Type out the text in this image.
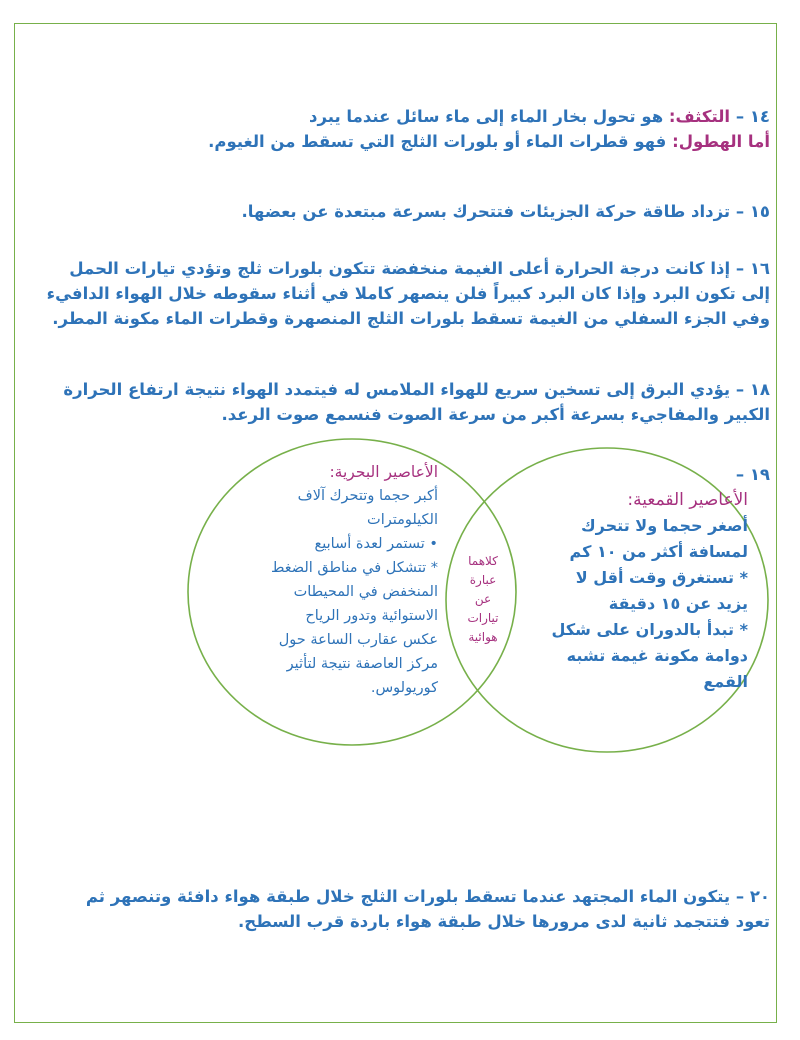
١٤ – التكثف: هو تحول بخار الماء إلى ماء سائل عندما يبرد

أما الهطول: فهو قطرات الماء أو بلورات الثلج التي تسقط من الغيوم.

١٥ – تزداد طاقة حركة الجزيئات فتتحرك بسرعة مبتعدة عن بعضها.

١٦ – إذا كانت درجة الحرارة أعلى الغيمة منخفضة تتكون بلورات ثلج وتؤدي تيارات الحمل

إلى تكون البرد وإذا كان البرد كبيراً فلن ينصهر كاملا في أثناء سقوطه خلال الهواء الدافيء

وفي الجزء السفلي من الغيمة تسقط بلورات الثلج المنصهرة وقطرات الماء مكونة المطر.

١٨ – يؤدي البرق إلى تسخين سريع للهواء الملامس له فيتمدد الهواء نتيجة ارتفاع الحرارة

الكبير والمفاجيء بسرعة أكبر من سرعة الصوت فنسمع صوت الرعد.

١٩ –

الأعاصير القمعية:
أصغر حجما ولا تتحرك
لمسافة أكثر من ١٠ كم
* تستغرق وقت أقل لا
يزيد عن ١٥ دقيقة
* تبدأ بالدوران على شكل
دوامة مكونة غيمة تشبه
القمع
الأعاصير البحرية:
أكبر حجما وتتحرك آلاف
الكيلومترات
• تستمر لعدة أسابيع
* تتشكل في مناطق الضغط
المنخفض في المحيطات
الاستوائية وتدور الرياح
عكس عقارب الساعة حول
مركز العاصفة نتيجة لتأثير
كوريولوس.
كلاهما
عبارة
عن
تيارات
هوائية

٢٠ – يتكون الماء المجتهد عندما تسقط بلورات الثلج خلال طبقة هواء دافئة وتنصهر ثم

تعود فتتجمد ثانية لدى مرورها خلال طبقة هواء باردة قرب السطح.
